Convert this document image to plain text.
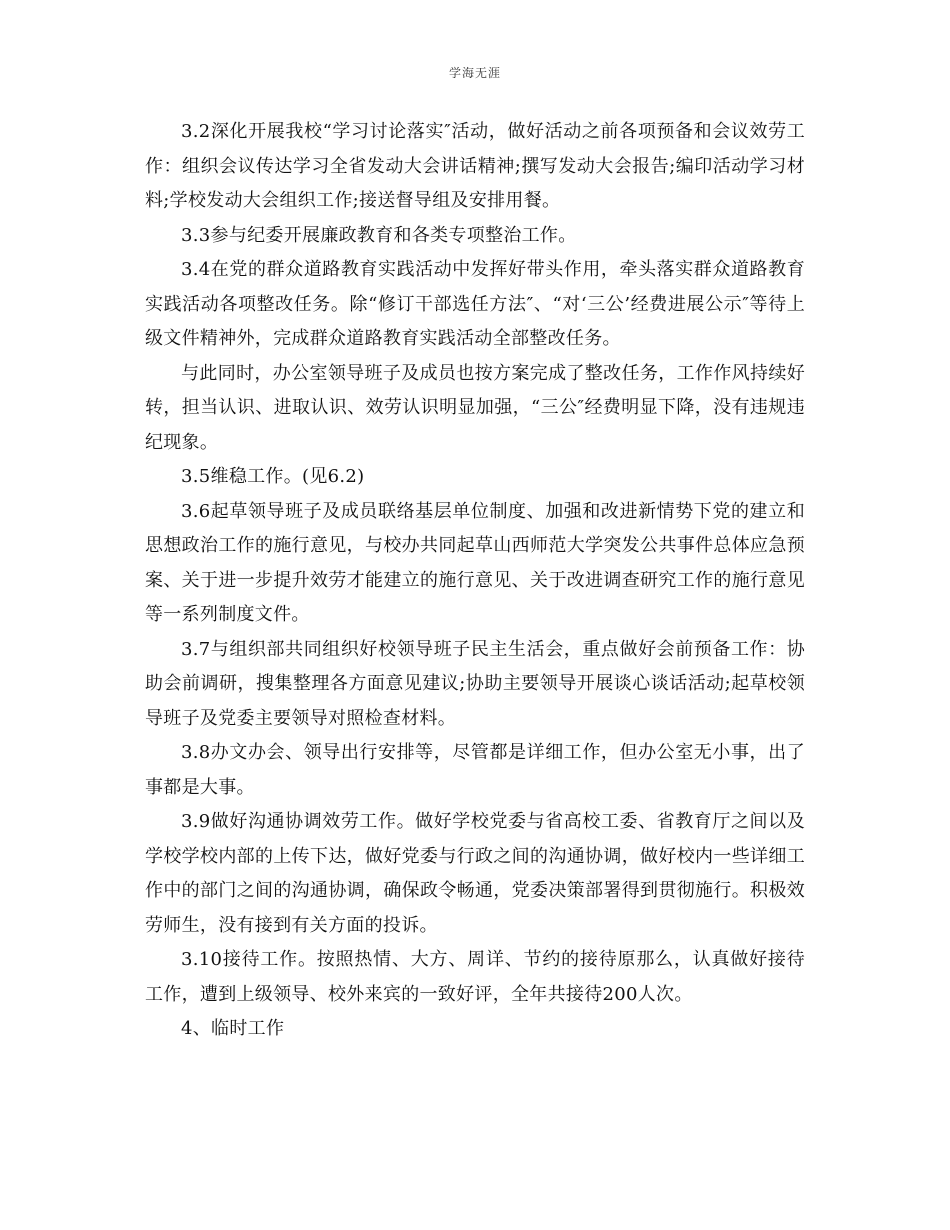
学海无涯

3.2深化开展我校“学习讨论落实″活动，做好活动之前各项预备和会议效劳工作：组织会议传达学习全省发动大会讲话精神;撰写发动大会报告;编印活动学习材料;学校发动大会组织工作;接送督导组及安排用餐。

3.3参与纪委开展廉政教育和各类专项整治工作。

3.4在党的群众道路教育实践活动中发挥好带头作用，牵头落实群众道路教育实践活动各项整改任务。除“修订干部选任方法″、“对‘三公’经费进展公示″等待上级文件精神外，完成群众道路教育实践活动全部整改任务。

与此同时，办公室领导班子及成员也按方案完成了整改任务，工作作风持续好转，担当认识、进取认识、效劳认识明显加强，“三公″经费明显下降，没有违规违纪现象。

3.5维稳工作。(见6.2)

3.6起草领导班子及成员联络基层单位制度、加强和改进新情势下党的建立和思想政治工作的施行意见，与校办共同起草山西师范大学突发公共事件总体应急预案、关于进一步提升效劳才能建立的施行意见、关于改进调查研究工作的施行意见等一系列制度文件。

3.7与组织部共同组织好校领导班子民主生活会，重点做好会前预备工作：协助会前调研，搜集整理各方面意见建议;协助主要领导开展谈心谈话活动;起草校领导班子及党委主要领导对照检查材料。

3.8办文办会、领导出行安排等，尽管都是详细工作，但办公室无小事，出了事都是大事。

3.9做好沟通协调效劳工作。做好学校党委与省高校工委、省教育厅之间以及学校学校内部的上传下达，做好党委与行政之间的沟通协调，做好校内一些详细工作中的部门之间的沟通协调，确保政令畅通，党委决策部署得到贯彻施行。积极效劳师生，没有接到有关方面的投诉。

3.10接待工作。按照热情、大方、周详、节约的接待原那么，认真做好接待工作，遭到上级领导、校外来宾的一致好评，全年共接待200人次。

4、临时工作
